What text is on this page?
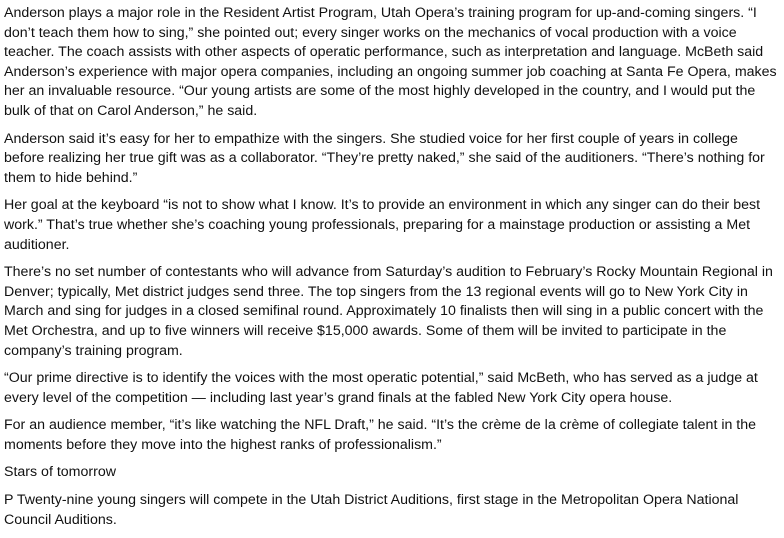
Anderson plays a major role in the Resident Artist Program, Utah Opera’s training program for up-and-coming singers. “I don’t teach them how to sing,” she pointed out; every singer works on the mechanics of vocal production with a voice teacher. The coach assists with other aspects of operatic performance, such as interpretation and language. McBeth said Anderson’s experience with major opera companies, including an ongoing summer job coaching at Santa Fe Opera, makes her an invaluable resource. “Our young artists are some of the most highly developed in the country, and I would put the bulk of that on Carol Anderson,” he said.

Anderson said it’s easy for her to empathize with the singers. She studied voice for her first couple of years in college before realizing her true gift was as a collaborator. “They’re pretty naked,” she said of the auditioners. “There’s nothing for them to hide behind.”

Her goal at the keyboard “is not to show what I know. It’s to provide an environment in which any singer can do their best work.” That’s true whether she’s coaching young professionals, preparing for a mainstage production or assisting a Met auditioner.

There’s no set number of contestants who will advance from Saturday’s audition to February’s Rocky Mountain Regional in Denver; typically, Met district judges send three. The top singers from the 13 regional events will go to New York City in March and sing for judges in a closed semifinal round. Approximately 10 finalists then will sing in a public concert with the Met Orchestra, and up to five winners will receive $15,000 awards. Some of them will be invited to participate in the company’s training program.

“Our prime directive is to identify the voices with the most operatic potential,” said McBeth, who has served as a judge at every level of the competition — including last year’s grand finals at the fabled New York City opera house.

For an audience member, “it’s like watching the NFL Draft,” he said. “It’s the crème de la crème of collegiate talent in the moments before they move into the highest ranks of professionalism.”

Stars of tomorrow

P Twenty-nine young singers will compete in the Utah District Auditions, first stage in the Metropolitan Opera National Council Auditions.
